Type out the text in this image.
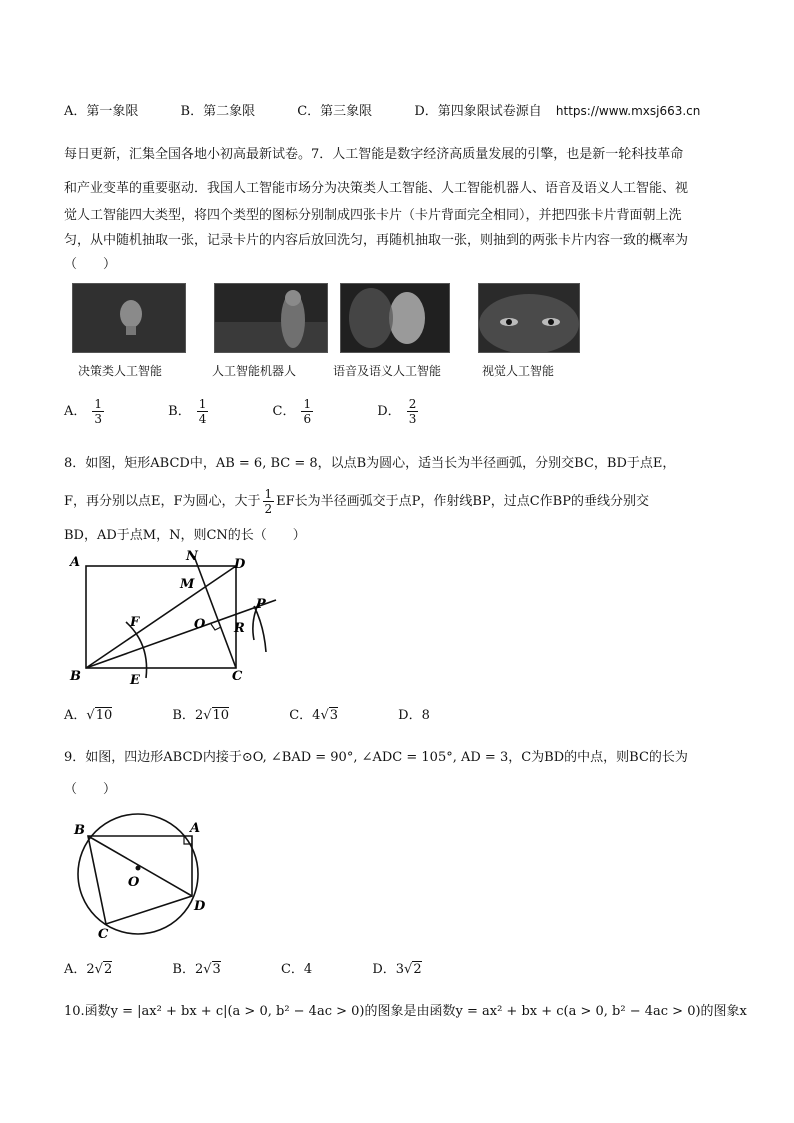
A．第一象限	B．第二象限	C．第三象限	D．第四象限试卷源自 https://www.mxsj663.cn
每日更新，汇集全国各地小初高最新试卷。7．人工智能是数字经济高质量发展的引擎，也是新一轮科技革命
和产业变革的重要驱动．我国人工智能市场分为决策类人工智能、人工智能机器人、语音及语义人工智能、视
觉人工智能四大类型，将四个类型的图标分别制成四张卡片（卡片背面完全相同），并把四张卡片背面朝上洗
匀，从中随机抽取一张，记录卡片的内容后放回洗匀，再随机抽取一张，则抽到的两张卡片内容一致的概率为
（　　）
决策类人工智能	人工智能机器人	语音及语义人工智能	视觉人工智能
A． $\frac{1}{3}$	B． $\frac{1}{4}$	C． $\frac{1}{6}$	D． $\frac{2}{3}$
8．如图，矩形ABCD中，AB = 6, BC = 8，以点B为圆心，适当长为半径画弧，分别交BC，BD于点E，
F，再分别以点E，F为圆心，大于 $\frac{1}{2}$ EF长为半径画弧交于点P，作射线BP，过点C作BP的垂线分别交
BD，AD于点M，N，则CN的长（　　）
A
B	C
D
N
M
F	O R
P
E
A．√10	B．2√10	C．4√3	D．8
9．如图，四边形ABCD内接于⊙O, ∠BAD = 90°, ∠ADC = 105°, AD = 3，C为BD的中点，则BC的长为
（　　）
B	A
O
D
C
A．2√2	B．2√3	C．4	D．3√2
10.函数y = |ax² + bx + c|(a > 0, b² − 4ac > 0)的图象是由函数y = ax² + bx + c(a > 0, b² − 4ac > 0)的图象x
